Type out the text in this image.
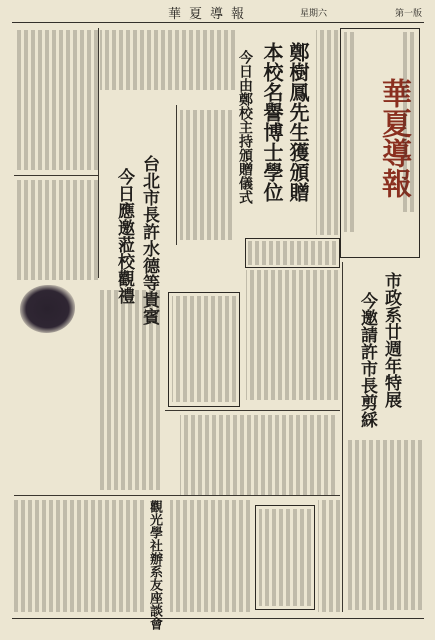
第一版
星期六
華夏導報
華夏導報
鄭樹鳳先生獲頒贈
本校名譽博士學位
今日由鄭校主持頒贈儀式
台北市長許水德等貴賓
今日應邀蒞校觀禮
市政系廿週年特展
今邀請許市長剪綵
觀光學社辦系友座談會
